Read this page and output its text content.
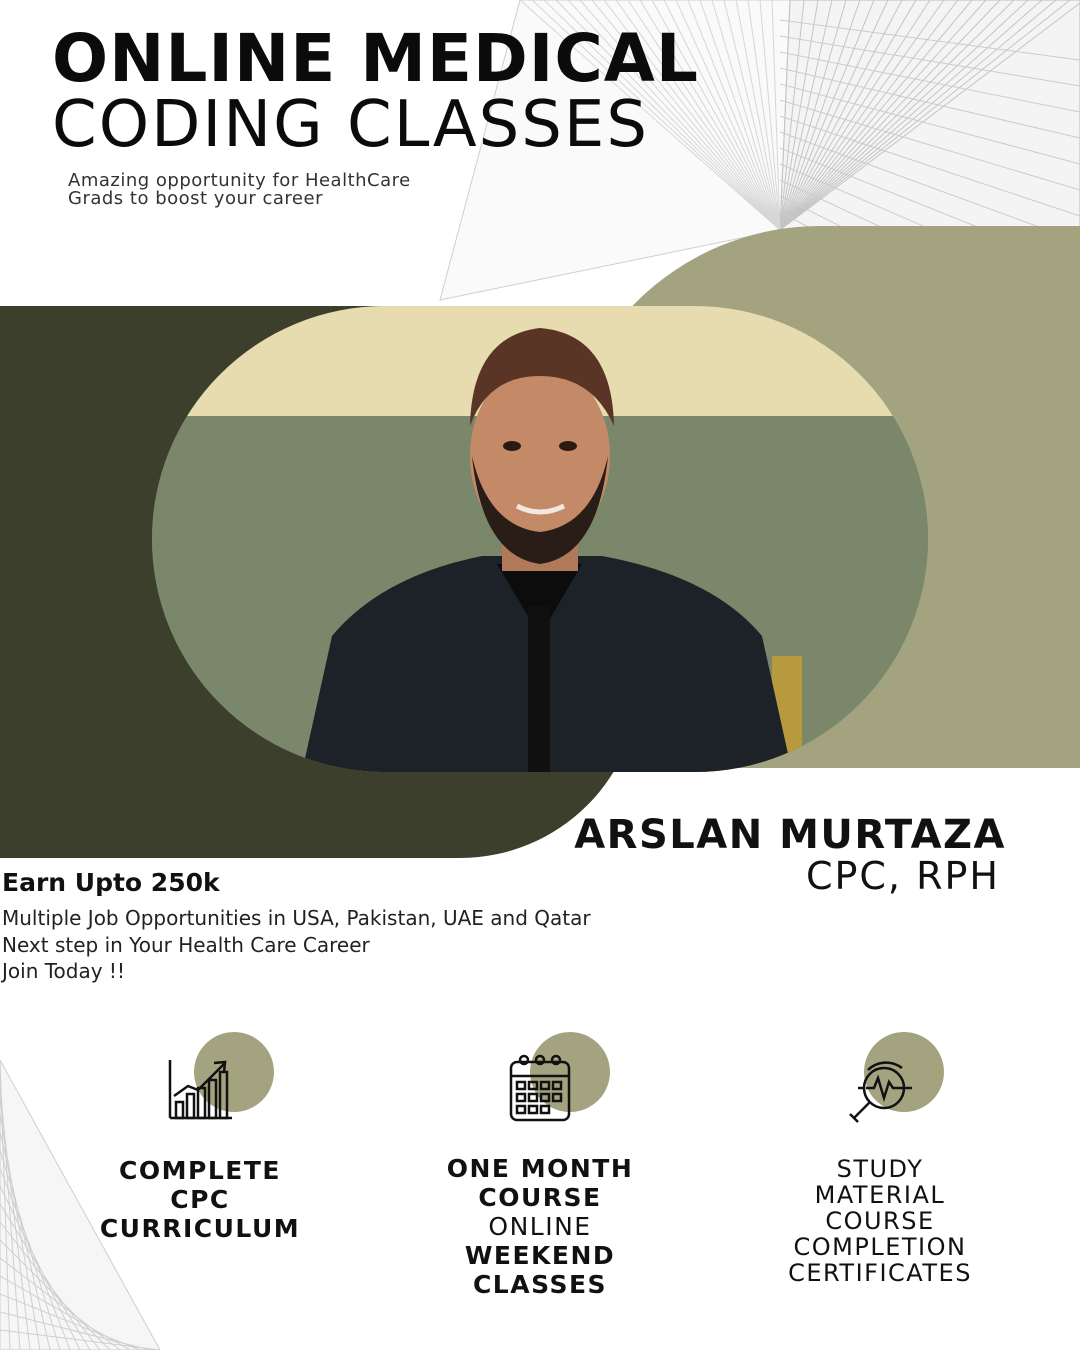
ONLINE MEDICAL
CODING CLASSES
Amazing opportunity for HealthCare
Grads to boost your career
ARSLAN MURTAZA
CPC, RPH
Earn Upto 250k
Multiple Job Opportunities in USA, Pakistan, UAE and Qatar
Next step in Your Health Care Career
Join Today !!
COMPLETE
CPC
CURRICULUM
ONE MONTH
COURSE
ONLINE
WEEKEND
CLASSES
STUDY
MATERIAL
COURSE
COMPLETION
CERTIFICATES
